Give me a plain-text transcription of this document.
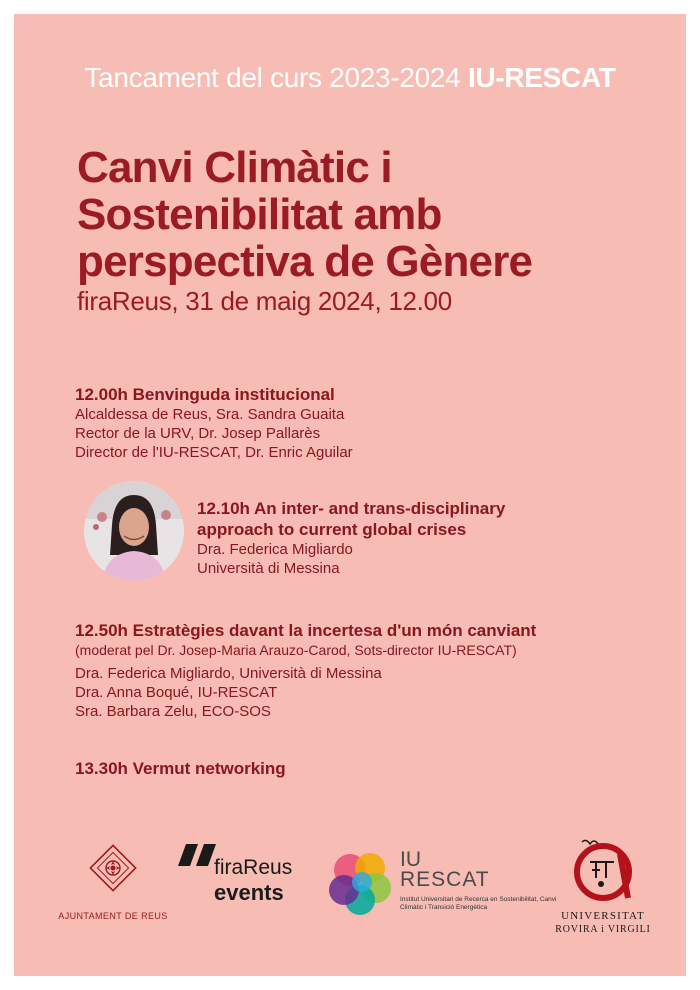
Tancament del curs 2023-2024 IU-RESCAT
Canvi Climàtic i
Sostenibilitat amb
perspectiva de Gènere
firaReus, 31 de maig 2024, 12.00
12.00h Benvinguda institucional
Alcaldessa de Reus, Sra. Sandra Guaita
Rector de la URV, Dr. Josep Pallarès
Director de l'IU-RESCAT, Dr. Enric Aguilar
12.10h An inter- and trans-disciplinary
approach to current global crises
Dra. Federica Migliardo
Università di Messina
12.50h Estratègies davant la incertesa d'un món canviant
(moderat pel Dr. Josep-Maria Arauzo-Carod, Sots-director IU-RESCAT)
Dra. Federica Migliardo, Università di Messina
Dra. Anna Boqué, IU-RESCAT
Sra. Barbara Zelu, ECO-SOS
13.30h Vermut networking
AJUNTAMENT DE REUS
firaReus
events
IU
RESCAT
Institut Universitari de Recerca en Sostenibilitat, Canvi Climàtic i Transició Energètica
UNIVERSITAT
ROVIRA i VIRGILI
